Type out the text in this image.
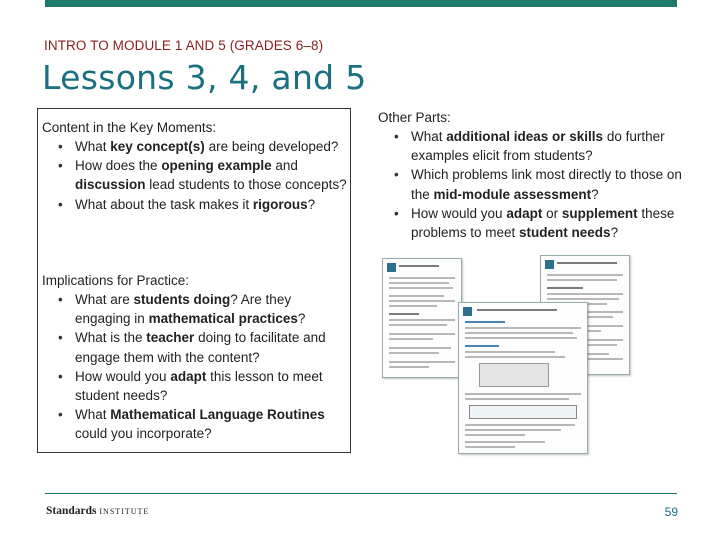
INTRO TO MODULE 1 AND 5 (GRADES 6–8)
Lessons 3, 4, and 5
Content in the Key Moments:
• What key concept(s) are being developed?
• How does the opening example and discussion lead students to those concepts?
• What about the task makes it rigorous?
Implications for Practice:
• What are students doing? Are they engaging in mathematical practices?
• What is the teacher doing to facilitate and engage them with the content?
• How would you adapt this lesson to meet student needs?
• What Mathematical Language Routines could you incorporate?
Other Parts:
• What additional ideas or skills do further examples elicit from students?
• Which problems link most directly to those on the mid-module assessment?
• How would you adapt or supplement these problems to meet student needs?
Standards INSTITUTE	59
